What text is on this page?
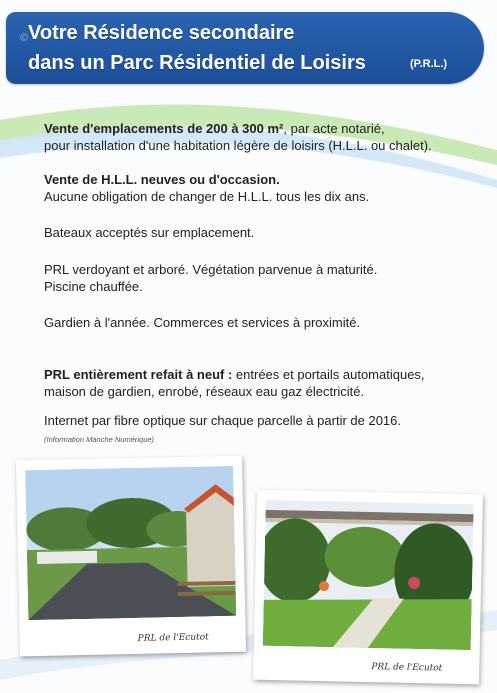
© Votre Résidence secondaire
dans un Parc Résidentiel de Loisirs	(P.R.L.)
Vente d'emplacements de 200 à 300 m², par acte notarié,
pour installation d'une habitation légère de loisirs (H.L.L. ou chalet).
Vente de H.L.L. neuves ou d'occasion.
Aucune obligation de changer de H.L.L. tous les dix ans.
Bateaux acceptés sur emplacement.
PRL verdoyant et arboré. Végétation parvenue à maturité.
Piscine chauffée.
Gardien à l'année. Commerces et services à proximité.
PRL entièrement refait à neuf : entrées et portails automatiques,
maison de gardien, enrobé, réseaux eau gaz électricité.
Internet par fibre optique sur chaque parcelle à partir de 2016.
(Information Manche Numérique)
PRL de l'Ecutot
PRL de l'Ecutot
